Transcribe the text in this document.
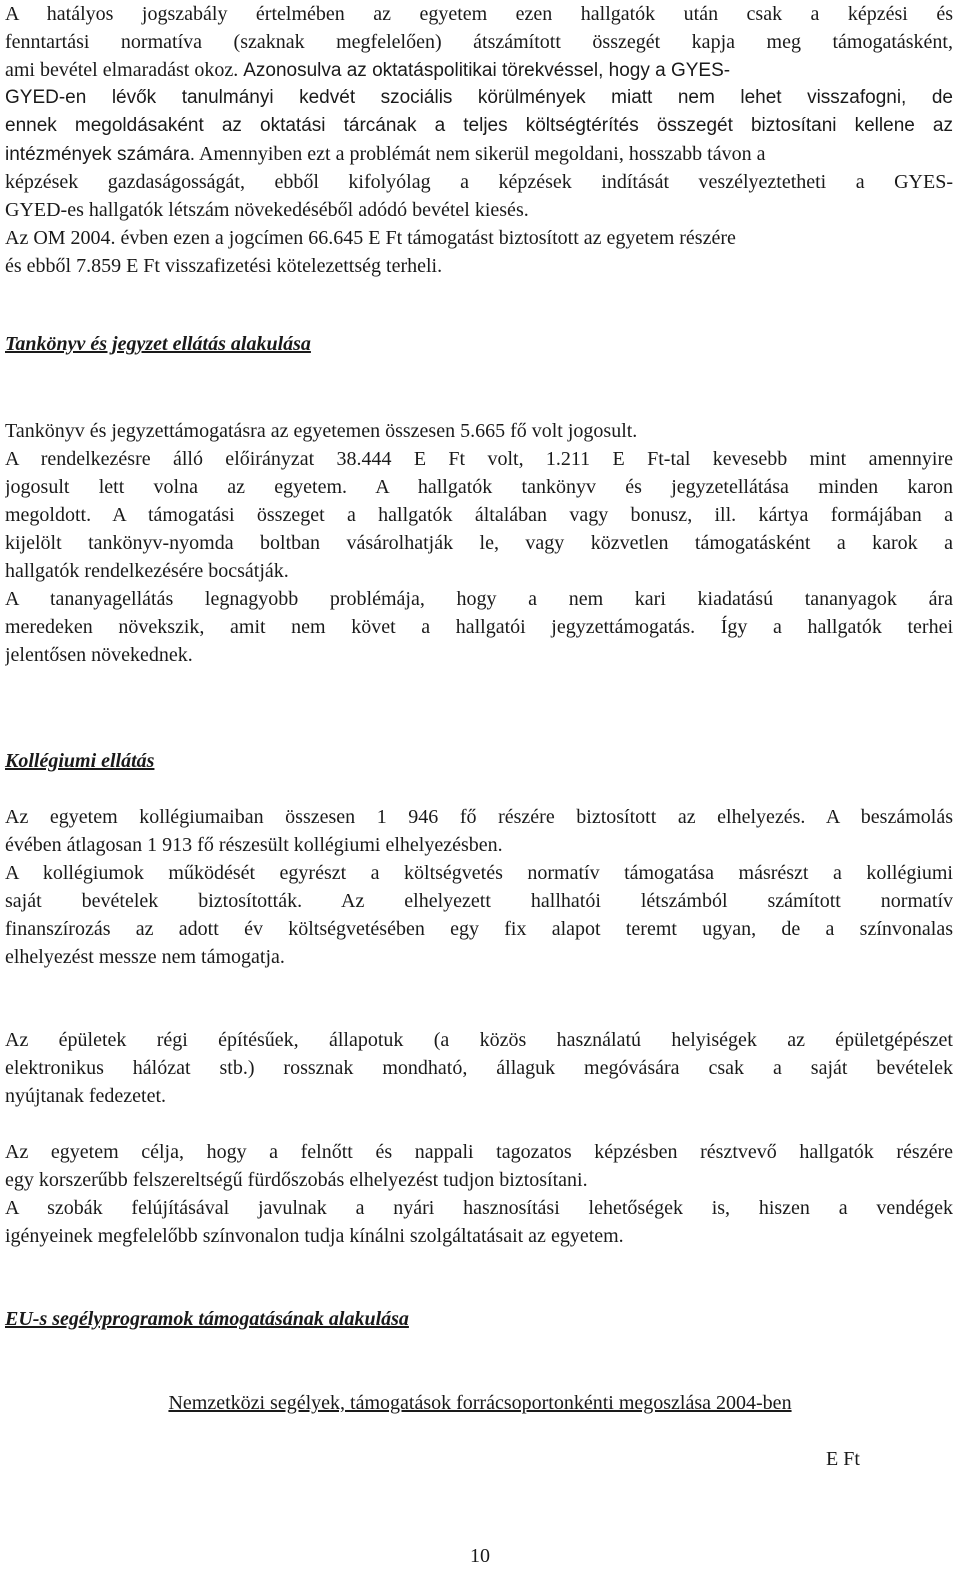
A hatályos jogszabály értelmében az egyetem ezen hallgatók után csak a képzési és
fenntartási normatíva (szaknak megfelelően) átszámított összegét kapja meg támogatásként,
ami bevétel elmaradást okoz. Azonosulva az oktatáspolitikai törekvéssel, hogy a GYES-
GYED-en lévők tanulmányi kedvét szociális körülmények miatt nem lehet visszafogni, de
ennek megoldásaként az oktatási tárcának a teljes költségtérítés összegét biztosítani kellene az
intézmények számára. Amennyiben ezt a problémát nem sikerül megoldani, hosszabb távon a
képzések gazdaságosságát, ebből kifolyólag a képzések indítását veszélyeztetheti a GYES-
GYED-es hallgatók létszám növekedéséből adódó bevétel kiesés.
Az OM 2004. évben ezen a jogcímen 66.645 E Ft támogatást biztosított az egyetem részére
és ebből 7.859 E Ft visszafizetési kötelezettség terheli.
Tankönyv és jegyzet ellátás alakulása
Tankönyv és jegyzettámogatásra az egyetemen összesen 5.665 fő volt jogosult.
A rendelkezésre álló előirányzat 38.444 E Ft volt, 1.211 E Ft-tal kevesebb mint amennyire
jogosult lett volna az egyetem. A hallgatók tankönyv és jegyzetellátása minden karon
megoldott. A támogatási összeget a hallgatók általában vagy bonusz, ill. kártya formájában a
kijelölt tankönyv-nyomda boltban vásárolhatják le, vagy közvetlen támogatásként a karok a
hallgatók rendelkezésére bocsátják.
A tananyagellátás legnagyobb problémája, hogy a nem kari kiadatású tananyagok ára
meredeken növekszik, amit nem követ a hallgatói jegyzettámogatás. Így a hallgatók terhei
jelentősen növekednek.
Kollégiumi ellátás
Az egyetem kollégiumaiban összesen 1 946 fő részére biztosított az elhelyezés. A beszámolás
évében átlagosan 1 913 fő részesült kollégiumi elhelyezésben.
A kollégiumok működését egyrészt a költségvetés normatív támogatása másrészt a kollégiumi
saját bevételek biztosították. Az elhelyezett hallhatói létszámból számított normatív
finanszírozás az adott év költségvetésében egy fix alapot teremt ugyan, de a színvonalas
elhelyezést messze nem támogatja.
Az épületek régi építésűek, állapotuk (a közös használatú helyiségek az épületgépészet
elektronikus hálózat stb.) rossznak mondható, állaguk megóvására csak a saját bevételek
nyújtanak fedezetet.
Az egyetem célja, hogy a felnőtt és nappali tagozatos képzésben résztvevő hallgatók részére
egy korszerűbb felszereltségű fürdőszobás elhelyezést tudjon biztosítani.
A szobák felújításával javulnak a nyári hasznosítási lehetőségek is, hiszen a vendégek
igényeinek megfelelőbb színvonalon tudja kínálni szolgáltatásait az egyetem.
EU-s segélyprogramok támogatásának alakulása
Nemzetközi segélyek, támogatások forrácsoportonkénti megoszlása 2004-ben
E Ft
10
